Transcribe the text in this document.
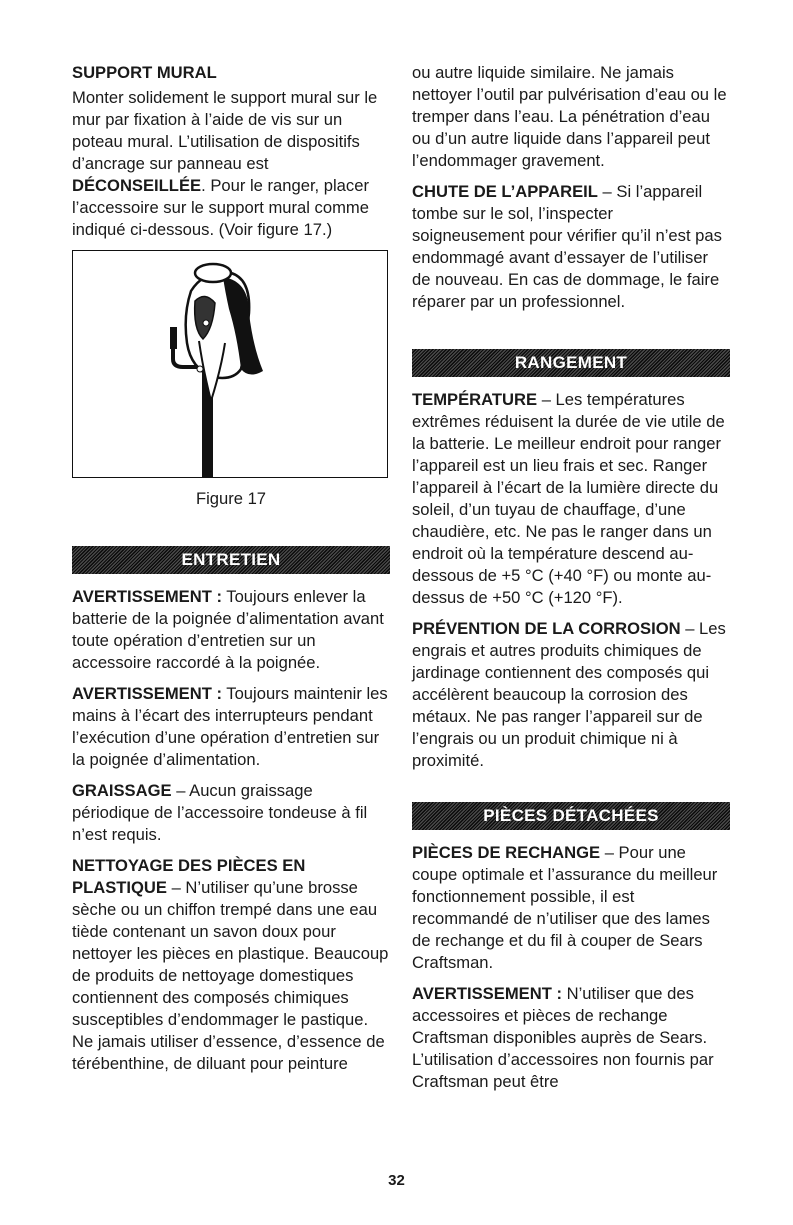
SUPPORT MURAL

Monter solidement le support mural sur le mur par fixation à l’aide de vis sur un poteau mural. L’utilisation de dispositifs d’ancrage sur panneau est DÉCONSEILLÉE. Pour le ranger, placer l’accessoire sur le support mural comme indiqué ci-dessous. (Voir figure 17.)

Figure 17
ENTRETIEN

AVERTISSEMENT : Toujours enlever la batterie de la poignée d’alimentation avant toute opération d’entretien sur un accessoire raccordé à la poignée.

AVERTISSEMENT : Toujours maintenir les mains à l’écart des interrupteurs pendant l’exécution d’une opération d’entretien sur la poignée d’alimentation.

GRAISSAGE – Aucun graissage périodique de l’accessoire tondeuse à fil n’est requis.

NETTOYAGE DES PIÈCES EN PLASTIQUE – N’utiliser qu’une brosse sèche ou un chiffon trempé dans une eau tiède contenant un savon doux pour nettoyer les pièces en plastique. Beaucoup de produits de nettoyage domestiques contiennent des composés chimiques susceptibles d’endommager le pastique. Ne jamais utiliser d’essence, d’essence de térébenthine, de diluant pour peinture

ou autre liquide similaire. Ne jamais nettoyer l’outil par pulvérisation d’eau ou le tremper dans l’eau. La pénétration d’eau ou d’un autre liquide dans l’appareil peut l’endommager gravement.

CHUTE DE L’APPAREIL – Si l’appareil tombe sur le sol, l’inspecter soigneusement pour vérifier qu’il n’est pas endommagé avant d’essayer de l’utiliser de nouveau. En cas de dommage, le faire réparer par un professionnel.

RANGEMENT

TEMPÉRATURE – Les températures extrêmes réduisent la durée de vie utile de la batterie. Le meilleur endroit pour ranger l’appareil est un lieu frais et sec. Ranger l’appareil à l’écart de la lumière directe du soleil, d’un tuyau de chauffage, d’une chaudière, etc. Ne pas le ranger dans un endroit où la température descend au-dessous de +5 °C (+40 °F) ou monte au-dessus de +50 °C (+120 °F).

PRÉVENTION DE LA CORROSION – Les engrais et autres produits chimiques de jardinage contiennent des composés qui accélèrent beaucoup la corrosion des métaux. Ne pas ranger l’appareil sur de l’engrais ou un produit chimique ni à proximité.

PIÈCES DÉTACHÉES

PIÈCES DE RECHANGE – Pour une coupe optimale et l’assurance du meilleur fonctionnement possible, il est recommandé de n’utiliser que des lames de rechange et du fil à couper de Sears Craftsman.

AVERTISSEMENT : N’utiliser que des accessoires et pièces de rechange Craftsman disponibles auprès de Sears. L’utilisation d’accessoires non fournis par Craftsman peut être

32
